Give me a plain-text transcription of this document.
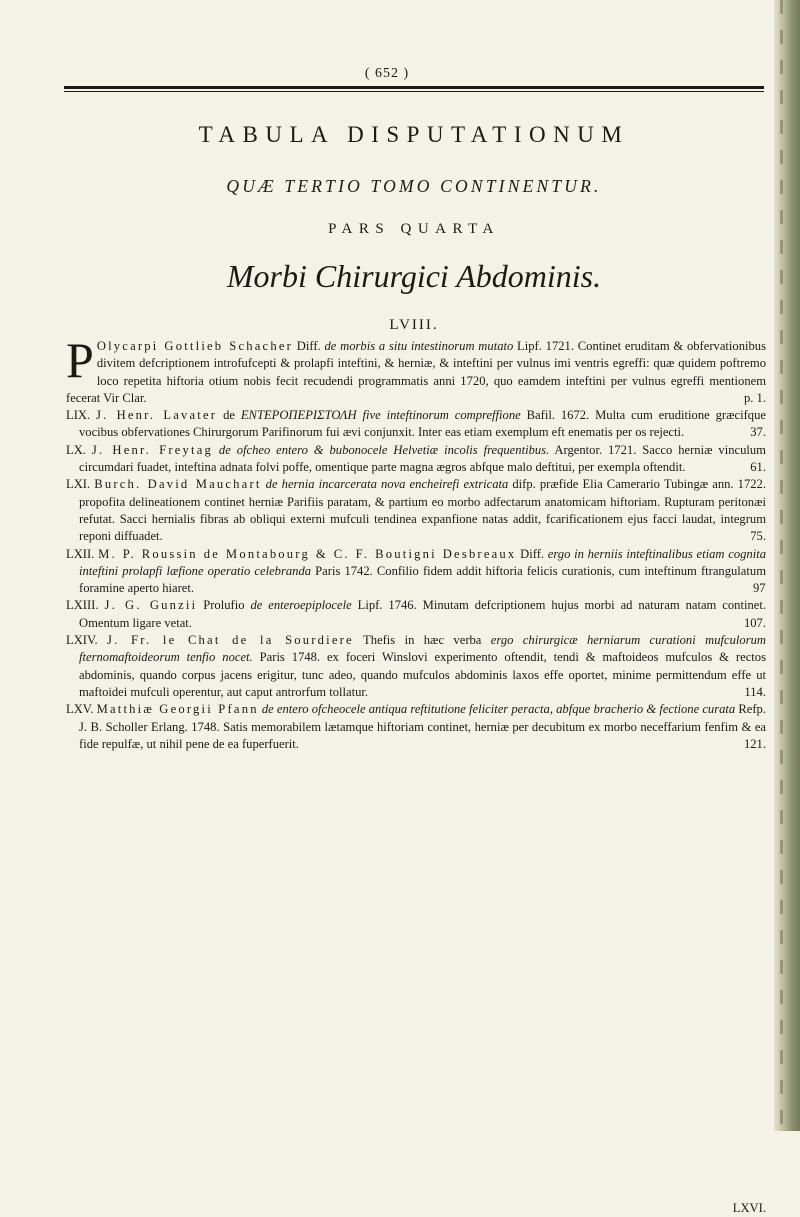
( 652 )
TABULA DISPUTATIONUM
QUÆ TERTIO TOMO CONTINENTUR.
PARS QUARTA
Morbi Chirurgici Abdominis.
LVIII.
P Olycarpi Gottlieb Schacher Diff. de morbis a situ intestinorum mutato Lipf. 1721. Continet eruditam & obfervationibus divitem defcriptionem introfufcepti & prolapfi inteftini, & herniæ, & inteftini per vulnus imi ventris egreffi: quæ quidem poftremo loco repetita hiftoria otium nobis fecit recudendi programmatis anni 1720, quo eamdem inteftini per vulnus egreffi mentionem fecerat Vir Clar.	p. 1.
LIX. J. Henr. Lavater de ΕΝΤΕΡΟΠΕΡΙΣΤΟΛΗ five inteftinorum compreffione Bafil. 1672. Multa cum eruditione græcifque vocibus obfervationes Chirurgorum Parifinorum fui ævi conjunxit. Inter eas etiam exemplum eft enematis per os rejecti.	37.
LX. J. Henr. Freytag de ofcheo entero & bubonocele Helvetiæ incolis frequentibus. Argentor. 1721. Sacco herniæ vinculum circumdari fuadet, inteftina adnata folvi poffe, omentique parte magna ægros abfque malo deftitui, per exempla oftendit.	61.
LXI. Burch. David Mauchart de hernia incarcerata nova encheirefi extricata difp. præfide Elia Camerario Tubingæ ann. 1722. propofita delineationem continet herniæ Parifiis paratam, & partium eo morbo adfectarum anatomicam hiftoriam. Rupturam peritonæi refutat. Sacci hernialis fibras ab obliqui externi mufculi tendinea expanfione natas addit, fcarificationem ejus facci laudat, integrum reponi diffuadet.	75.
LXII. M. P. Roussin de Montabourg & C. F. Boutigni Desbreaux Diff. ergo in herniis inteftinalibus etiam cognita inteftini prolapfi læfione operatio celebranda Paris 1742. Confilio fidem addit hiftoria felicis curationis, cum inteftinum ftrangulatum foramine aperto hiaret.	97
LXIII. J. G. Gunzii Prolufio de enteroepiplocele Lipf. 1746. Minutam defcriptionem hujus morbi ad naturam natam continet. Omentum ligare vetat.	107.
LXIV. J. Fr. le Chat de la Sourdiere Thefis in hæc verba ergo chirurgicæ herniarum curationi mufculorum fternomaftoideorum tenfio nocet. Paris 1748. ex foceri Winslovi experimento oftendit, tendi & maftoideos mufculos & rectos abdominis, quando corpus jacens erigitur, tunc adeo, quando mufculos abdominis laxos effe oportet, minime permittendum effe ut maftoidei mufculi operentur, aut caput antrorfum tollatur.	114.
LXV. Matthiæ Georgii Pfann de entero ofcheocele antiqua reftitutione feliciter peracta, abfque bracherio & fectione curata Refp. J. B. Scholler Erlang. 1748. Satis memorabilem lætamque hiftoriam continet, herniæ per decubitum ex morbo neceffarium fenfim & ea fide repulfæ, ut nihil pene de ea fuperfuerit.	121.
LXVI.
